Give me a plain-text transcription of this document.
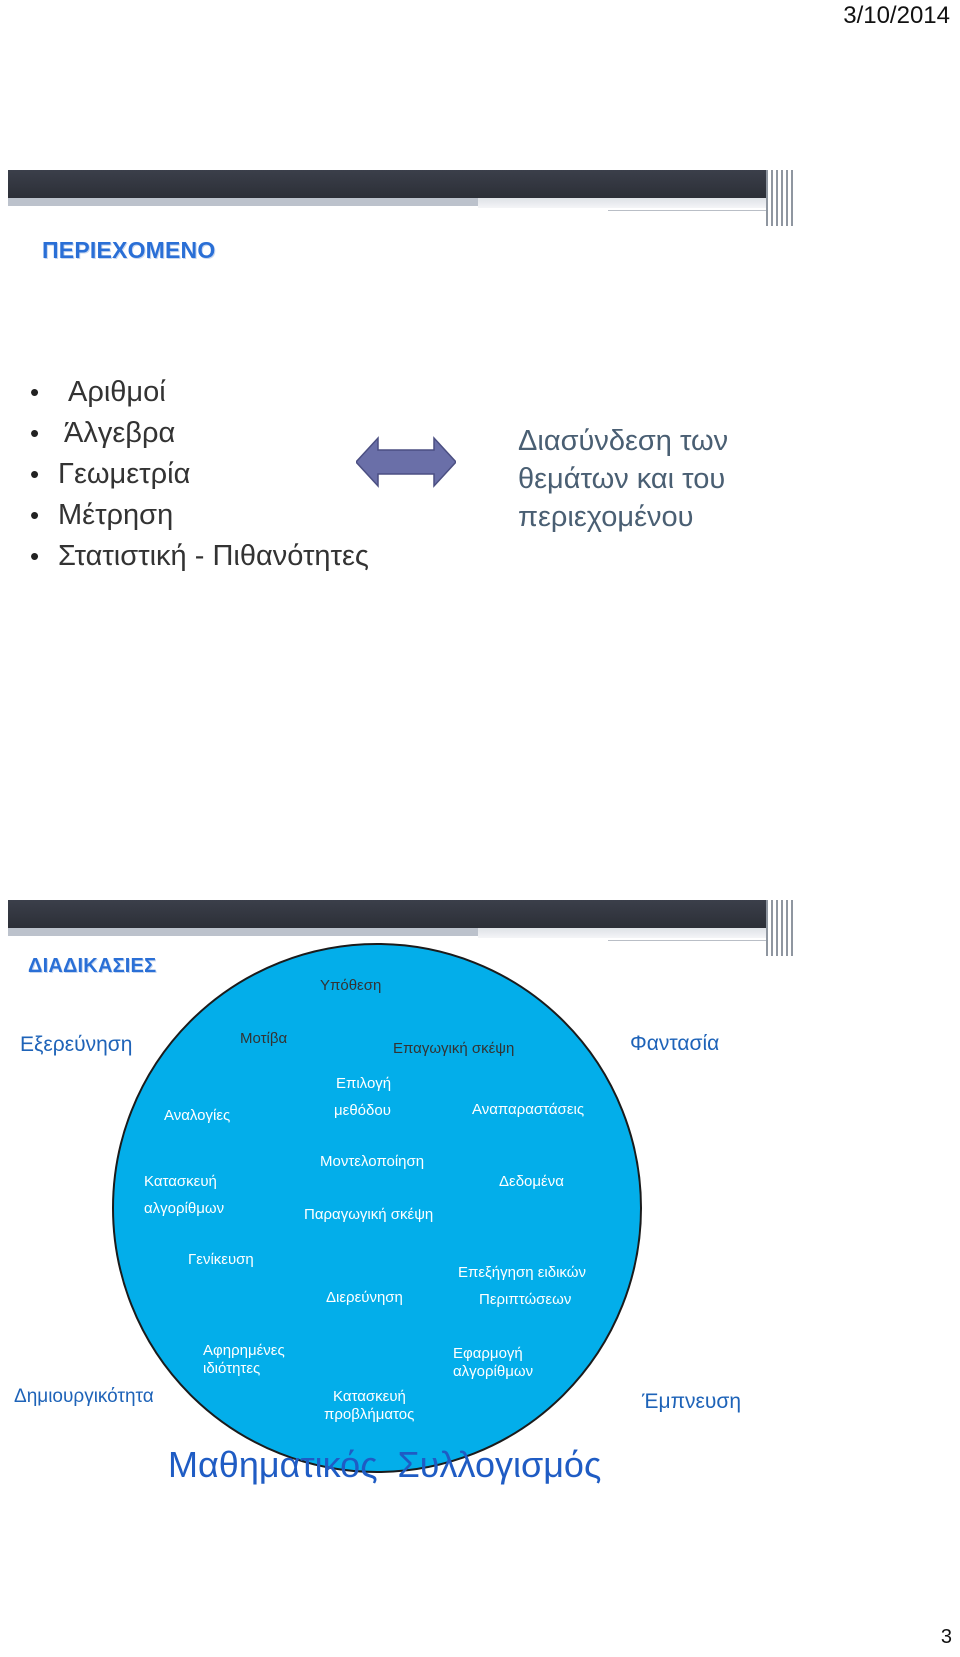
3/10/2014
ΠΕΡΙΕΧΟΜΕΝΟ
• Αριθμοί
• Άλγεβρα
• Γεωμετρία
• Μέτρηση
• Στατιστική - Πιθανότητες
Διασύνδεση των
θεμάτων και του
περιεχομένου
ΔΙΑΔΙΚΑΣΙΕΣ
Υπόθεση
Μοτίβα
Επαγωγική σκέψη
Εξερεύνηση	Φαντασία
Επιλογή
μεθόδου
Αναλογίες	Αναπαραστάσεις
Μοντελοποίηση
Κατασκευή
αλγορίθμων
Δεδομένα
Παραγωγική σκέψη
Γενίκευση
Επεξήγηση ειδικών
Περιπτώσεων
Διερεύνηση
Αφηρημένες
ιδιότητες
Εφαρμογή
αλγορίθμων
Κατασκευή
προβλήματος
Δημιουργικότητα	Έμπνευση
Μαθηματικός  Συλλογισμός
3
